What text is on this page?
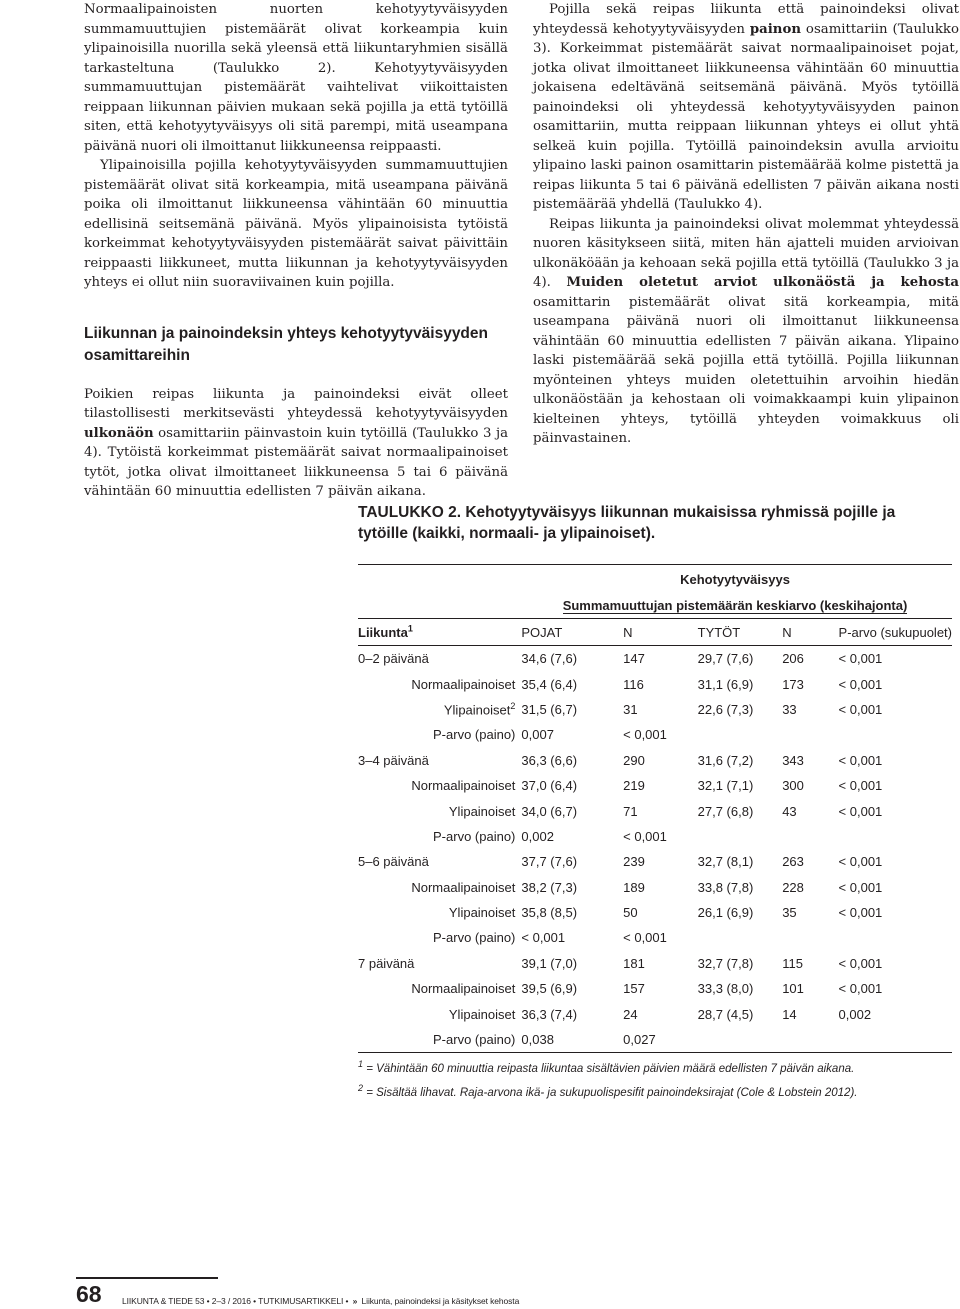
Normaalipainoisten nuorten kehotyytyväisyyden summamuuttujien pistemäärät olivat korkeampia kuin ylipainoisilla nuorilla sekä yleensä että liikuntaryhmien sisällä tarkasteltuna (Taulukko 2). Kehotyytyväisyyden summamuuttujan pistemäärät vaihtelivat viikoittaisten reippaan liikunnan päivien mukaan sekä pojilla ja että tytöillä siten, että kehotyytyväisyys oli sitä parempi, mitä useampana päivänä nuori oli ilmoittanut liikkuneensa reippaasti.

Ylipainoisilla pojilla kehotyytyväisyyden summamuuttujien pistemäärät olivat sitä korkeampia, mitä useampana päivänä poika oli ilmoittanut liikkuneensa vähintään 60 minuuttia edellisinä seitsemänä päivänä. Myös ylipainoisista tytöistä korkeimmat kehotyytyväisyyden pistemäärät saivat päivittäin reippaasti liikkuneet, mutta liikunnan ja kehotyytyväisyyden yhteys ei ollut niin suoraviivainen kuin pojilla.

Liikunnan ja painoindeksin yhteys kehotyytyväisyyden osamittareihin

Poikien reipas liikunta ja painoindeksi eivät olleet tilastollisesti merkitsevästi yhteydessä kehotyytyväisyyden ulkonäön osamittariin päinvastoin kuin tytöillä (Taulukko 3 ja 4). Tytöistä korkeimmat pistemäärät saivat normaalipainoiset tytöt, jotka olivat ilmoittaneet liikkuneensa 5 tai 6 päivänä vähintään 60 minuuttia edellisten 7 päivän aikana.

Pojilla sekä reipas liikunta että painoindeksi olivat yhteydessä kehotyytyväisyyden painon osamittariin (Taulukko 3). Korkeimmat pistemäärät saivat normaalipainoiset pojat, jotka olivat ilmoittaneet liikkuneensa vähintään 60 minuuttia jokaisena edeltävänä seitsemänä päivänä. Myös tytöillä painoindeksi oli yhteydessä kehotyytyväisyyden painon osamittariin, mutta reippaan liikunnan yhteys ei ollut yhtä selkeä kuin pojilla. Tytöillä painoindeksin avulla arvioitu ylipaino laski painon osamittarin pistemäärää kolme pistettä ja reipas liikunta 5 tai 6 päivänä edellisten 7 päivän aikana nosti pistemäärää yhdellä (Taulukko 4).

Reipas liikunta ja painoindeksi olivat molemmat yhteydessä nuoren käsitykseen siitä, miten hän ajatteli muiden arvioivan ulkonäköään ja kehoaan sekä pojilla että tytöillä (Taulukko 3 ja 4). Muiden oletetut arviot ulkonäöstä ja kehosta osamittarin pistemäärät olivat sitä korkeampia, mitä useampana päivänä nuori oli ilmoittanut liikkuneensa vähintään 60 minuuttia edellisten 7 päivän aikana. Ylipaino laski pistemäärää sekä pojilla että tytöillä. Pojilla liikunnan myönteinen yhteys muiden oletettuihin arvoihin hiedän ulkonäöstään ja kehostaan oli voimakkaampi kuin ylipainon kielteinen yhteys, tytöillä yhteyden voimakkuus oli päinvastainen.

TAULUKKO 2. Kehotyytyväisyys liikunnan mukaisissa ryhmissä pojille ja tytöille (kaikki, normaali- ja ylipainoiset).
Kehotyytyväisyys
Summamuuttujan pistemäärän keskiarvo (keskihajonta)
Liikunta$^1$	POJAT	N	TYTÖT	N	P-arvo (sukupuolet)
0–2 päivänä	34,6 (7,6)	147	29,7 (7,6)	206	< 0,001
Normaalipainoiset	35,4 (6,4)	116	31,1 (6,9)	173	< 0,001
Ylipainoiset$^2$	31,5 (6,7)	31	22,6 (7,3)	33	< 0,001
P-arvo (paino)	0,007	< 0,001			
3–4 päivänä	36,3 (6,6)	290	31,6 (7,2)	343	< 0,001
Normaalipainoiset	37,0 (6,4)	219	32,1 (7,1)	300	< 0,001
Ylipainoiset	34,0 (6,7)	71	27,7 (6,8)	43	< 0,001
P-arvo (paino)	0,002	< 0,001			
5–6 päivänä	37,7 (7,6)	239	32,7 (8,1)	263	< 0,001
Normaalipainoiset	38,2 (7,3)	189	33,8 (7,8)	228	< 0,001
Ylipainoiset	35,8 (8,5)	50	26,1 (6,9)	35	< 0,001
P-arvo (paino)	< 0,001	< 0,001			
7 päivänä	39,1 (7,0)	181	32,7 (7,8)	115	< 0,001
Normaalipainoiset	39,5 (6,9)	157	33,3 (8,0)	101	< 0,001
Ylipainoiset	36,3 (7,4)	24	28,7 (4,5)	14	0,002
P-arvo (paino)	0,038	0,027			
$^1$ = Vähintään 60 minuuttia reipasta liikuntaa sisältävien päivien määrä edellisten 7 päivän aikana.
$^2$ = Sisältää lihavat. Raja-arvona ikä- ja sukupuolispesifit painoindeksirajat (Cole & Lobstein 2012).
68 LIIKUNTA & TIEDE 53 • 2–3 / 2016 • TUTKIMUSARTIKKELI • » Liikunta, painoindeksi ja käsitykset kehosta
